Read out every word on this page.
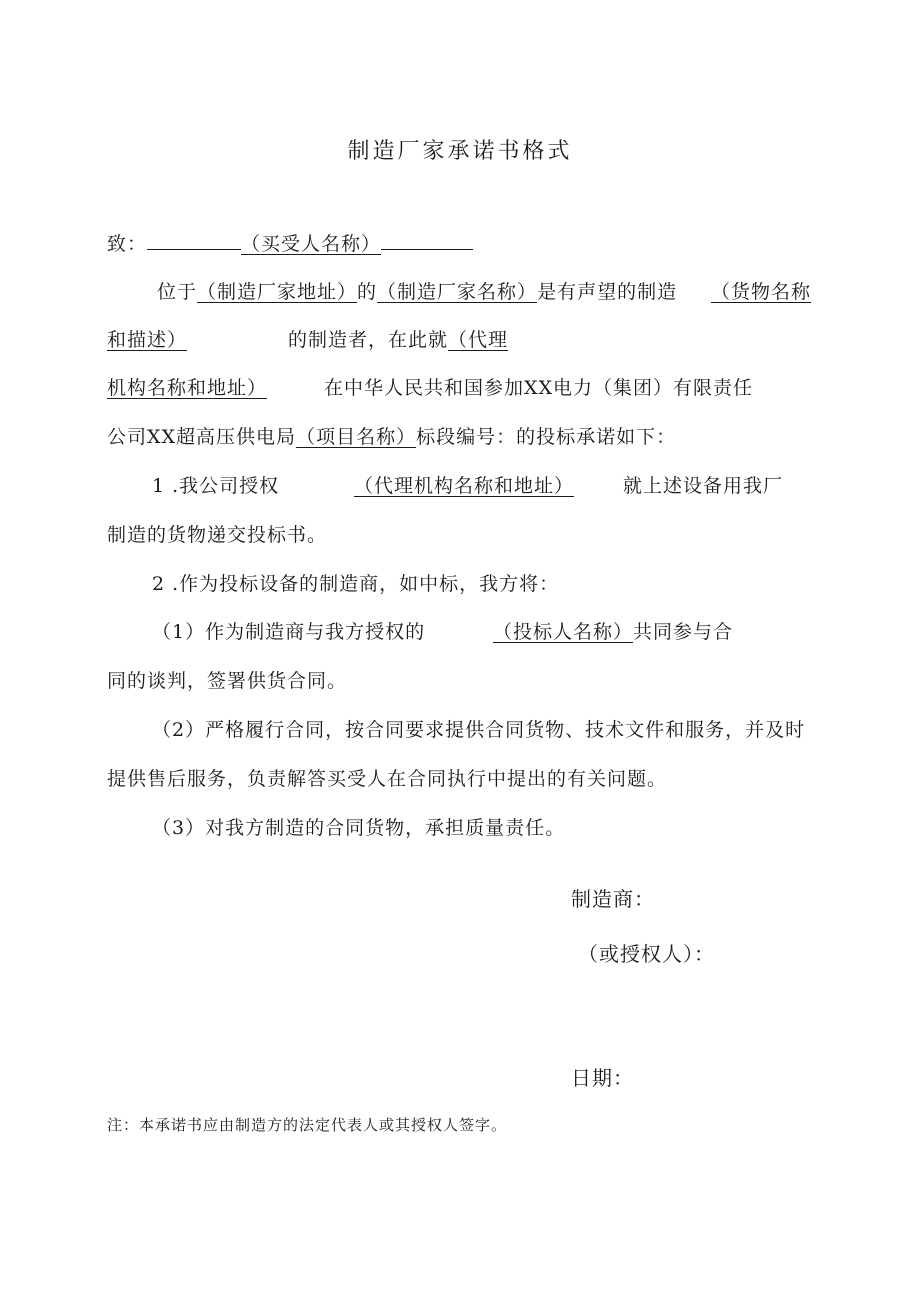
制造厂家承诺书格式
致：	（买受人名称）
位于（制造厂家地址）的（制造厂家名称）是有声望的制造 （货物名称
和描述）	的制造者，在此就（代理
机构名称和地址）	在中华人民共和国参加XX电力（集团）有限责任
公司XX超高压供电局（项目名称）标段编号：的投标承诺如下：
1 .我公司授权	（代理机构名称和地址）	就上述设备用我厂
制造的货物递交投标书。
2 .作为投标设备的制造商，如中标，我方将：
（1）作为制造商与我方授权的	（投标人名称）共同参与合
同的谈判，签署供货合同。
（2）严格履行合同，按合同要求提供合同货物、技术文件和服务，并及时
提供售后服务，负责解答买受人在合同执行中提出的有关问题。
（3）对我方制造的合同货物，承担质量责任。
制造商：
（或授权人）：
日期：
注：本承诺书应由制造方的法定代表人或其授权人签字。
